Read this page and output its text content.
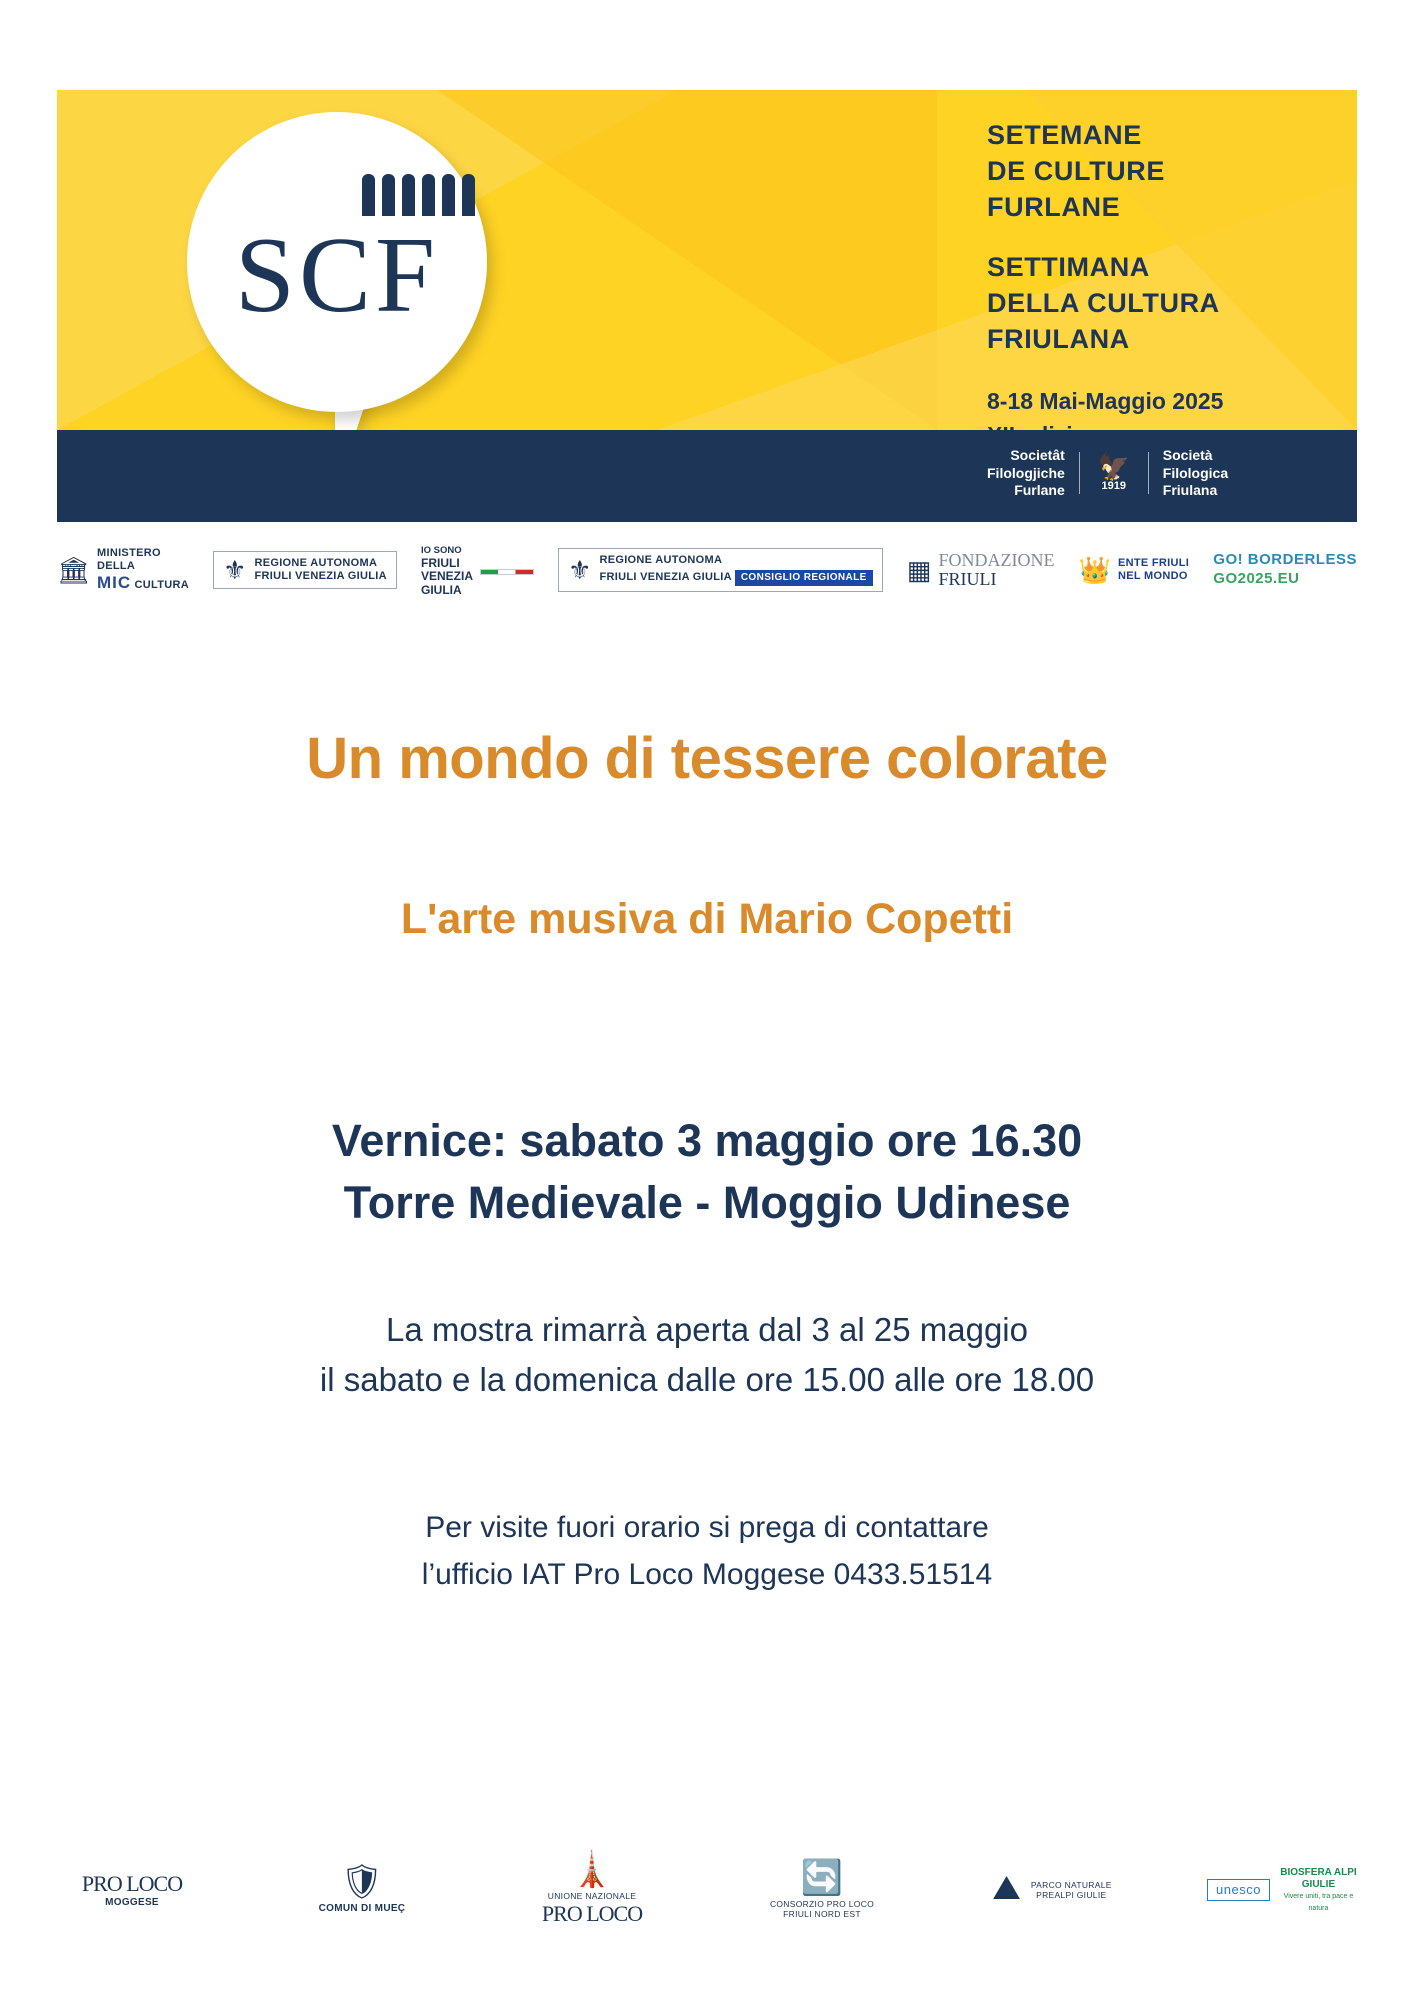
SCF
SETEMANE
DE CULTURE
FURLANE
SETTIMANA
DELLA CULTURA
FRIULANA
8-18 Mai-Maggio 2025
Societât
Filologjiche
Furlane
🦅
1919
Società
Filologica
Friulana
🏛
MINISTERO
DELLA
MIC CULTURA ⚜ REGIONE AUTONOMA
FRIULI VENEZIA GIULIA
IO SONO
FRIULI
VENEZIA
GIULIA
⚜ REGIONE AUTONOMA
FRIULI VENEZIA GIULIA CONSIGLIO REGIONALE ▦ FONDAZIONE
FRIULI	👑 ENTE FRIULI
NEL MONDO
GO! BORDERLESS
GO2025.EU
Un mondo di tessere colorate
L'arte musiva di Mario Copetti
Vernice: sabato 3 maggio ore 16.30
Torre Medievale - Moggio Udinese
La mostra rimarrà aperta dal 3 al 25 maggio
il sabato e la domenica dalle ore 15.00 alle ore 18.00
Per visite fuori orario si prega di contattare
l’ufficio IAT Pro Loco Moggese 0433.51514
PRO LOCO
MOGGESE
🛡
COMUN DI MUEÇ
🗼
UNIONE NAZIONALE
PRO LOCO
🔄
CONSORZIO PRO LOCO
FRIULI NORD EST
⛰ PARCO NATURALE
PREALPI GIULIE	unesco
BIOSFERA ALPI GIULIE
Vivere uniti, tra pace e natura
